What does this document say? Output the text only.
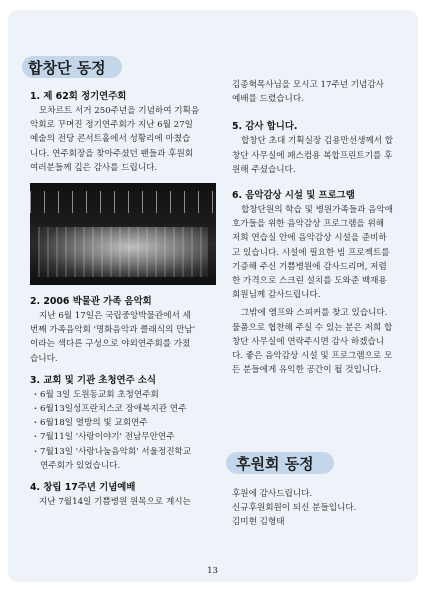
합창단 동정
1. 제 62회 정기연주회

모차르트 서거 250주년을 기념하여 기획음

악회로 꾸며진 정기연주회가 지난 6월 27일

예술의 전당 콘서트홀에서 성황리에 마쳤습

니다. 연주회장을 찾아주셨던 팬들과 후원회

여러분들께 깊은 감사를 드립니다.

2. 2006 박물관 가족 음악회

지난 6월 17일은 국립중앙박물관에서 세

번째 가족음악회 '명화음악과 클래식의 만남'

이라는 색다른 구성으로 야외연주회를 가졌

습니다.

3. 교회 및 기관 초청연주 소식
· 6월 3일 도원동교회 초청연주회
· 6월13일성프란치스코 장애복지관 연주
· 6월18일 열방의 빛 교회연주
· 7월11일 '사랑이야기' 전남무안연주
· 7월13일 '사랑나눔음악회' 서울정진학교

연주회가 있었습니다.

4. 창립 17주년 기념예배

지난 7월14일 기쁨병원 원목으로 계시는

김종혁목사님을 모시고 17주년 기념감사

예배를 드렸습니다.

5. 감사 합니다.

합창단 초대 기획실장 김용만선생께서 합

창단 사무실에 패스컴용 복합프린트기를 후

원해 주셨습니다.

6. 음악감상 시설 및 프로그램

합창단원의 학습 및 병원가족들과 음악애

호가들을 위한 음악감상 프로그램을 위해

저희 연습실 안에 음악감상 시설을 준비하

고 있습니다. 시설에 필요한 빔 프로젝트를

기증해 주신 기쁨병원에 감사드리며, 저렴

한 가격으로 스크린 설치를 도와준 백재용

회원님께 감사드립니다.

그밖에 앰프와 스피커를 찾고 있습니다.

물품으로 협찬해 주실 수 있는 분은 저희 합

창단 사무실에 연락주시면 감사 하겠습니

다. 좋은 음악감상 시설 및 프로그램으로 모

든 분들에게 유익한 공간이 될 것입니다.

후원회 동정

후원에 감사드립니다.

신규후원회원이 되신 분들입니다.

김미현 김형태

13
